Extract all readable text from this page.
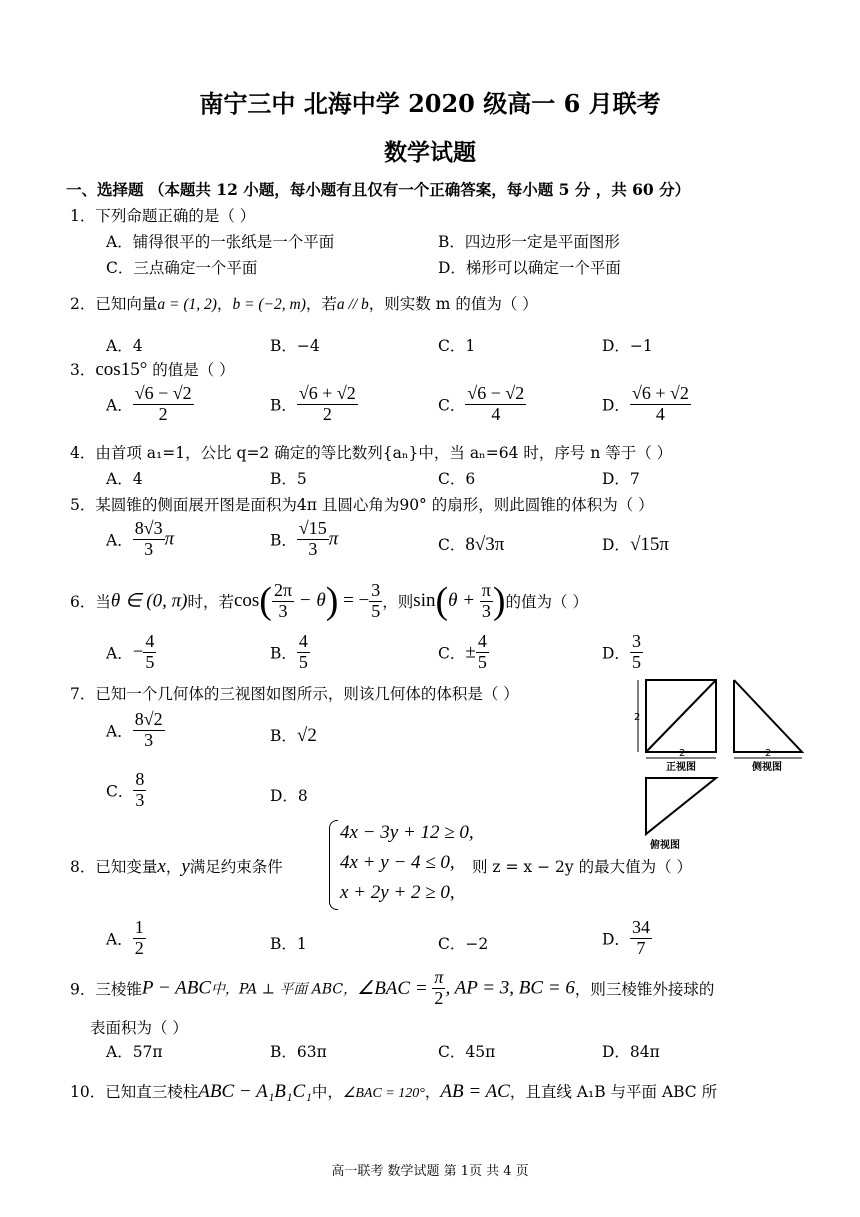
南宁三中 北海中学 2020 级高一 6 月联考
数学试题
一、选择题 （本题共 12 小题，每小题有且仅有一个正确答案，每小题 5 分 ，共 60 分）
1．下列命题正确的是（ ）
A．铺得很平的一张纸是一个平面	B．四边形一定是平面图形
C．三点确定一个平面	D．梯形可以确定一个平面
2．已知向量a = (1, 2)，b = (−2, m)，若a // b，则实数 m 的值为（ ）
A．4	B．−4	C．1	D．−1
3．cos15° 的值是（ ）
A． $\frac{√6 - √2}{2}$	B． $\frac{√6 + √2}{2}$	C． $\frac{√6 - √2}{4}$	D． $\frac{√6 + √2}{4}$
4．由首项 a₁=1，公比 q=2 确定的等比数列{aₙ}中，当 aₙ=64 时，序号 n 等于（ ）
A．4	B．5	C．6	D．7
5．某圆锥的侧面展开图是面积为4π 且圆心角为90° 的扇形，则此圆锥的体积为（ ）
A． $\frac{8√3}{3}$ π	B． $\frac{√15}{3}$ π	C．8√3π	D．√15π
6．当θ ∈ (0, π)时，若$\cos( \frac{2\pi}{3} - \theta)$ = − $\frac{3}{5}$ ，则$\sin(\theta + \frac{\pi}{3}$ )的值为（ ）
A．− $\frac{4}{5}$	B． $\frac{4}{5}$	C．± $\frac{4}{5}$	D． $\frac{3}{5}$
7．已知一个几何体的三视图如图所示，则该几何体的体积是（ ）
A． $\frac{8√2}{3}$	B．√2
C． $\frac{8}{3}$	D．8
2
2
正视图
2
侧视图
俯视图
8．已知变量x，y满足约束条件
4x − 3y + 12 ≥ 0,
4x + y − 4 ≤ 0,
x + 2y + 2 ≥ 0,
则 z = x − 2y 的最大值为（ ）
A． $\frac{1}{2}$	B．1	C．−2	D． $\frac{34}{7}$
9．三棱锥P − ABC中，PA ⊥ 平面 ABC，∠BAC = $\frac{\pi}{2}$ , AP = 3, BC = 6，则三棱锥外接球的
表面积为（ ）
A．57π	B．63π	C．45π	D．84π
10．已知直三棱柱ABC − A₁B₁C₁中，∠BAC = 120°，AB = AC，且直线 A₁B 与平面 ABC 所
高一联考 数学试题 第 1页 共 4 页
